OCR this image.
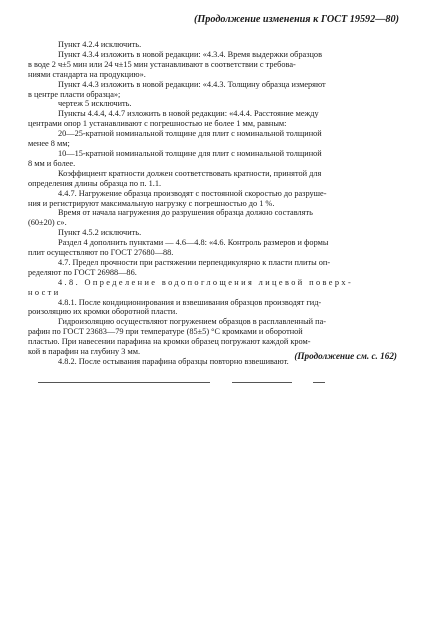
(Продолжение изменения к ГОСТ 19592—80)
Пункт 4.2.4 исключить.
Пункт 4.3.4 изложить в новой редакции: «4.3.4. Время выдержки образцов
в воде 2 ч±5 мин или 24 ч±15 мин устанавливают в соответствии с требова-
ниями стандарта на продукцию».
Пункт 4.4.3 изложить в новой редакции: «4.4.3. Толщину образца измеряют
в центре пласти образца»;
чертеж 5 исключить.
Пункты 4.4.4, 4.4.7 изложить в новой редакции: «4.4.4. Расстояние между
центрами опор 1 устанавливают с погрешностью не более 1 мм, равным:
20—25-кратной номинальной толщине для плит с номинальной толщиной
менее 8 мм;
10—15-кратной номинальной толщине для плит с номинальной толщиной
8 мм и более.
Коэффициент кратности должен соответствовать кратности, принятой для
определения длины образца по п. 1.1.
4.4.7. Нагружение образца производят с постоянной скоростью до разруше-
ния и регистрируют максимальную нагрузку с погрешностью до 1 %.
Время от начала нагружения до разрушения образца должно составлять
(60±20) с».
Пункт 4.5.2 исключить.
Раздел 4 дополнить пунктами — 4.6—4.8: «4.6. Контроль размеров и формы
плит осуществляют по ГОСТ 27680—88.
4.7. Предел прочности при растяжении перпендикулярно к пласти плиты оп-
ределяют по ГОСТ 26988—86.
4.8. Определение водопоглощения лицевой поверх-
ности
4.8.1. После кондиционирования и взвешивания образцов производят гид-
роизоляцию их кромки оборотной пласти.
Гидроизоляцию осуществляют погружением образцов в расплавленный па-
рафин по ГОСТ 23683—79 при температуре (85±5) °С кромками и оборотной
пластью. При навесении парафина на кромки образец погружают каждой кром-
кой в парафин на глубину 3 мм.
4.8.2. После остывания парафина образцы повторно взвешивают.
(Продолжение см. с. 162)
